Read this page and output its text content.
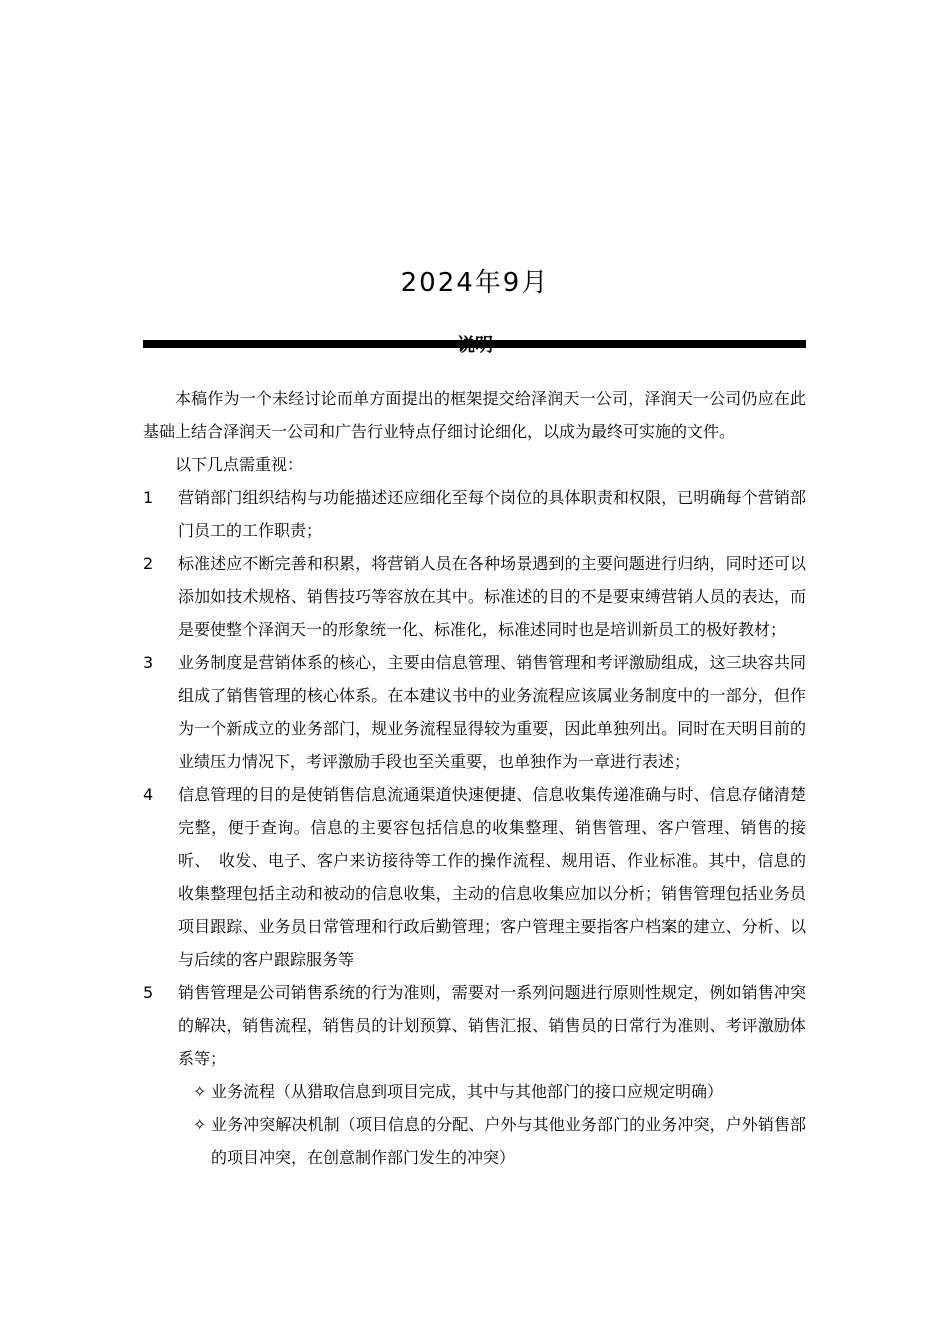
2024年9月
说明

本稿作为一个未经讨论而单方面提出的框架提交给泽润天一公司，泽润天一公司仍应在此基础上结合泽润天一公司和广告行业特点仔细讨论细化，以成为最终可实施的文件。

以下几点需重视：

1	营销部门组织结构与功能描述还应细化至每个岗位的具体职责和权限，已明确每个营销部门员工的工作职责；
2	标准述应不断完善和积累，将营销人员在各种场景遇到的主要问题进行归纳，同时还可以添加如技术规格、销售技巧等容放在其中。标准述的目的不是要束缚营销人员的表达，而是要使整个泽润天一的形象统一化、标准化，标准述同时也是培训新员工的极好教材；
3	业务制度是营销体系的核心，主要由信息管理、销售管理和考评激励组成，这三块容共同组成了销售管理的核心体系。在本建议书中的业务流程应该属业务制度中的一部分，但作为一个新成立的业务部门，规业务流程显得较为重要，因此单独列出。同时在天明目前的业绩压力情况下，考评激励手段也至关重要，也单独作为一章进行表述；
4	信息管理的目的是使销售信息流通渠道快速便捷、信息收集传递准确与时、信息存储清楚完整，便于查询。信息的主要容包括信息的收集整理、销售管理、客户管理、销售的接听、　收发、电子、客户来访接待等工作的操作流程、规用语、作业标准。其中，信息的收集整理包括主动和被动的信息收集，主动的信息收集应加以分析；销售管理包括业务员项目跟踪、业务员日常管理和行政后勤管理；客户管理主要指客户档案的建立、分析、以与后续的客户跟踪服务等
5	销售管理是公司销售系统的行为准则，需要对一系列问题进行原则性规定，例如销售冲突的解决，销售流程，销售员的计划预算、销售汇报、销售员的日常行为准则、考评激励体系等；
✧ 业务流程（从猎取信息到项目完成，其中与其他部门的接口应规定明确）
✧ 业务冲突解决机制（项目信息的分配、户外与其他业务部门的业务冲突，户外销售部的项目冲突，在创意制作部门发生的冲突）
